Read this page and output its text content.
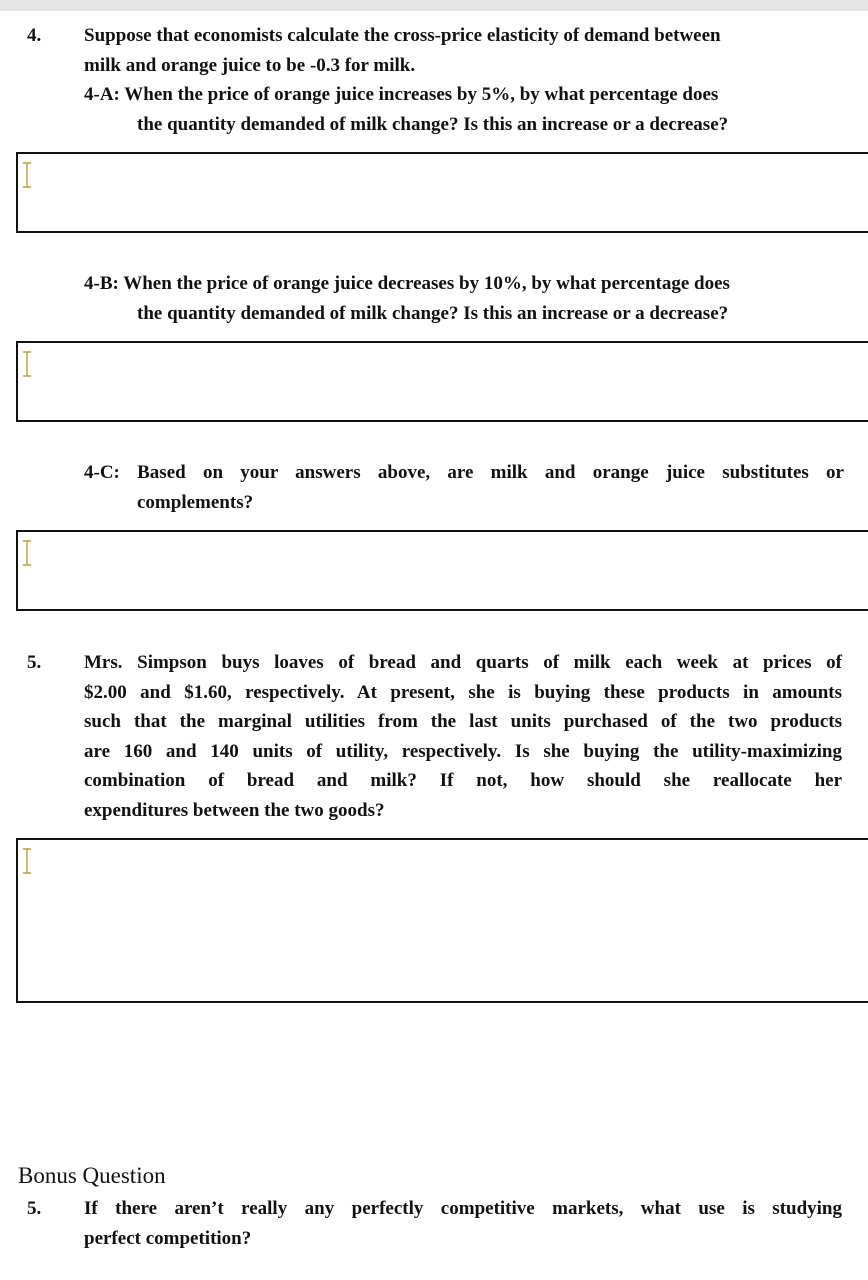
4. Suppose that economists calculate the cross-price elasticity of demand between

milk and orange juice to be -0.3 for milk.

4-A: When the price of orange juice increases by 5%, by what percentage does

the quantity demanded of milk change? Is this an increase or a decrease?

4-B: When the price of orange juice decreases by 10%, by what percentage does

the quantity demanded of milk change? Is this an increase or a decrease?

4-C: Based on your answers above, are milk and orange juice substitutes or

complements?

5. Mrs. Simpson buys loaves of bread and quarts of milk each week at prices of

$2.00 and $1.60, respectively. At present, she is buying these products in amounts

such that the marginal utilities from the last units purchased of the two products

are 160 and 140 units of utility, respectively. Is she buying the utility-maximizing

combination of bread and milk? If not, how should she reallocate her

expenditures between the two goods?

Bonus Question
5. If there aren’t really any perfectly competitive markets, what use is studying

perfect competition?
